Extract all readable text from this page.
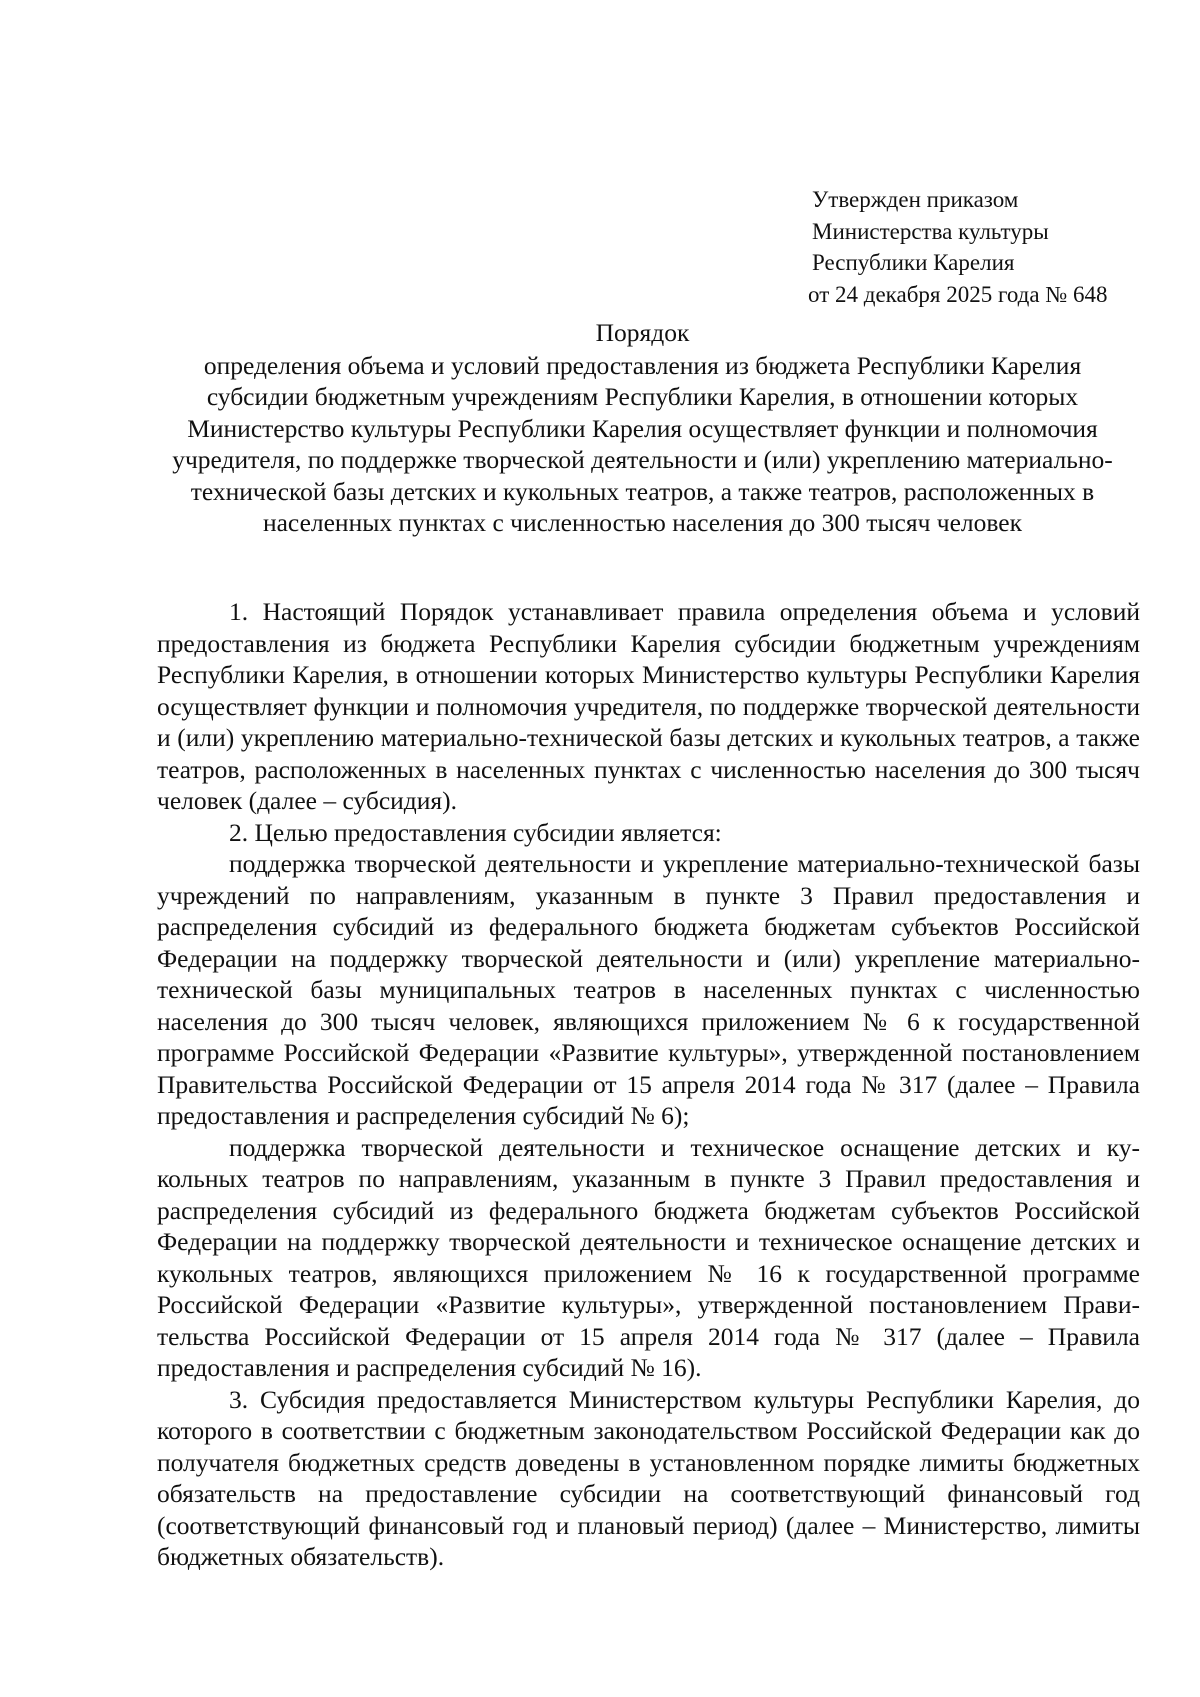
Утвержден приказом
Министерства культуры
Республики Карелия
от 24 декабря 2025 года № 648
Порядок
определения объема и условий предоставления из бюджета Республики Карелия субсидии бюджетным учреждениям Республики Карелия, в отношении которых Министерство культуры Республики Карелия осуществляет функции и полномочия учредителя, по поддержке творческой деятельности и (или) укреплению материально-технической базы детских и кукольных театров, а также театров, расположенных в населенных пунктах с численностью населения до 300 тысяч человек

1. Настоящий Порядок устанавливает правила определения объема и условий предоставления из бюджета Республики Карелия субсидии бюджетным учреждениям Республики Карелия, в отношении которых Министерство культуры Республики Карелия осуществляет функции и полномочия учредителя, по поддержке творческой деятельности и (или) укреплению материально-технической базы детских и кукольных театров, а также театров, расположенных в населенных пунктах с численностью населения до 300 тысяч человек (далее – субсидия).

2. Целью предоставления субсидии является:

поддержка творческой деятельности и укрепление материально-технической базы учреждений по направлениям, указанным в пункте 3 Правил предоставления и распределения субсидий из федерального бюджета бюджетам субъектов Российской Федерации на поддержку творческой деятельности и (или) укрепление материально-технической базы муниципальных театров в населенных пунктах с численностью населения до 300 тысяч человек, являющихся приложением № 6 к государственной программе Российской Федерации «Развитие культуры», утвержденной постановлением Правительства Российской Федерации от 15 апреля 2014 года № 317 (далее – Правила предоставления и распределения субсидий № 6);

поддержка творческой деятельности и техническое оснащение детских и кукольных театров по направлениям, указанным в пункте 3 Правил предоставления и распределения субсидий из федерального бюджета бюджетам субъектов Российской Федерации на поддержку творческой деятельности и техническое оснащение детских и кукольных театров, являющихся приложением № 16 к государственной программе Российской Федерации «Развитие культуры», утвержденной постановлением Правительства Российской Федерации от 15 апреля 2014 года № 317 (далее – Правила предоставления и распределения субсидий № 16).

3. Субсидия предоставляется Министерством культуры Республики Карелия, до которого в соответствии с бюджетным законодательством Российской Федерации как до получателя бюджетных средств доведены в установленном порядке лимиты бюджетных обязательств на предоставление субсидии на соответствующий финансовый год (соответствующий финансовый год и плановый период) (далее – Министерство, лимиты бюджетных обязательств).
